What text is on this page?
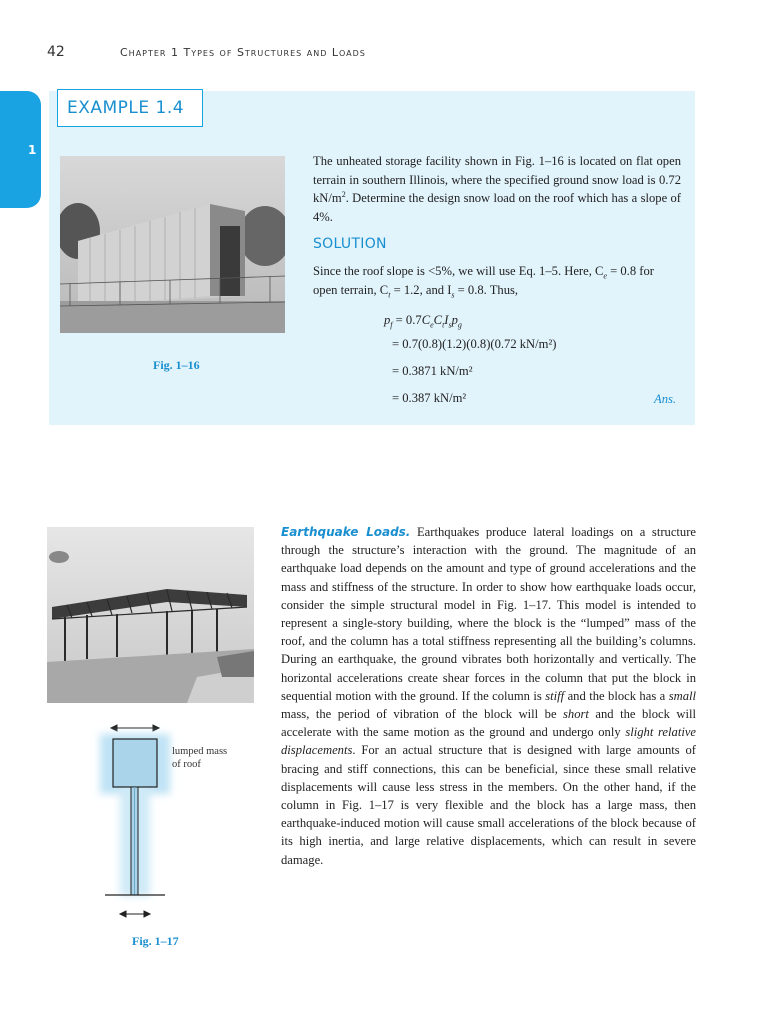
42	Chapter 1 Types of Structures and Loads
1
EXAMPLE 1.4
Fig. 1–16
The unheated storage facility shown in Fig. 1–16 is located on flat open terrain in southern Illinois, where the specified ground snow load is 0.72 $kN/m^2$. Determine the design snow load on the roof which has a slope of 4%.
SOLUTION
Since the roof slope is <5%, we will use Eq. 1–5. Here, $C_e = 0.8$ for open terrain, $C_t = 1.2$, and $I_s = 0.8$. Thus,
$p_f = 0.7C_eC_tI_sp_g$
= 0.7(0.8)(1.2)(0.8)(0.72 kN/m²)
= 0.3871 kN/m²
= 0.387 kN/m²	Ans.
lumped mass
of roof
Fig. 1–17
Earthquake Loads. Earthquakes produce lateral loadings on a structure through the structure’s interaction with the ground. The magnitude of an earthquake load depends on the amount and type of ground accelerations and the mass and stiffness of the structure. In order to show how earthquake loads occur, consider the simple structural model in Fig. 1–17. This model is intended to represent a single-story building, where the block is the “lumped” mass of the roof, and the column has a total stiffness representing all the building’s columns. During an earthquake, the ground vibrates both horizontally and vertically. The horizontal accelerations create shear forces in the column that put the block in sequential motion with the ground. If the column is stiff and the block has a small mass, the period of vibration of the block will be short and the block will accelerate with the same motion as the ground and undergo only slight relative displacements. For an actual structure that is designed with large amounts of bracing and stiff connections, this can be beneficial, since these small relative displacements will cause less stress in the members. On the other hand, if the column in Fig. 1–17 is very flexible and the block has a large mass, then earthquake-induced motion will cause small accelerations of the block because of its high inertia, and large relative displacements, which can result in severe damage.
